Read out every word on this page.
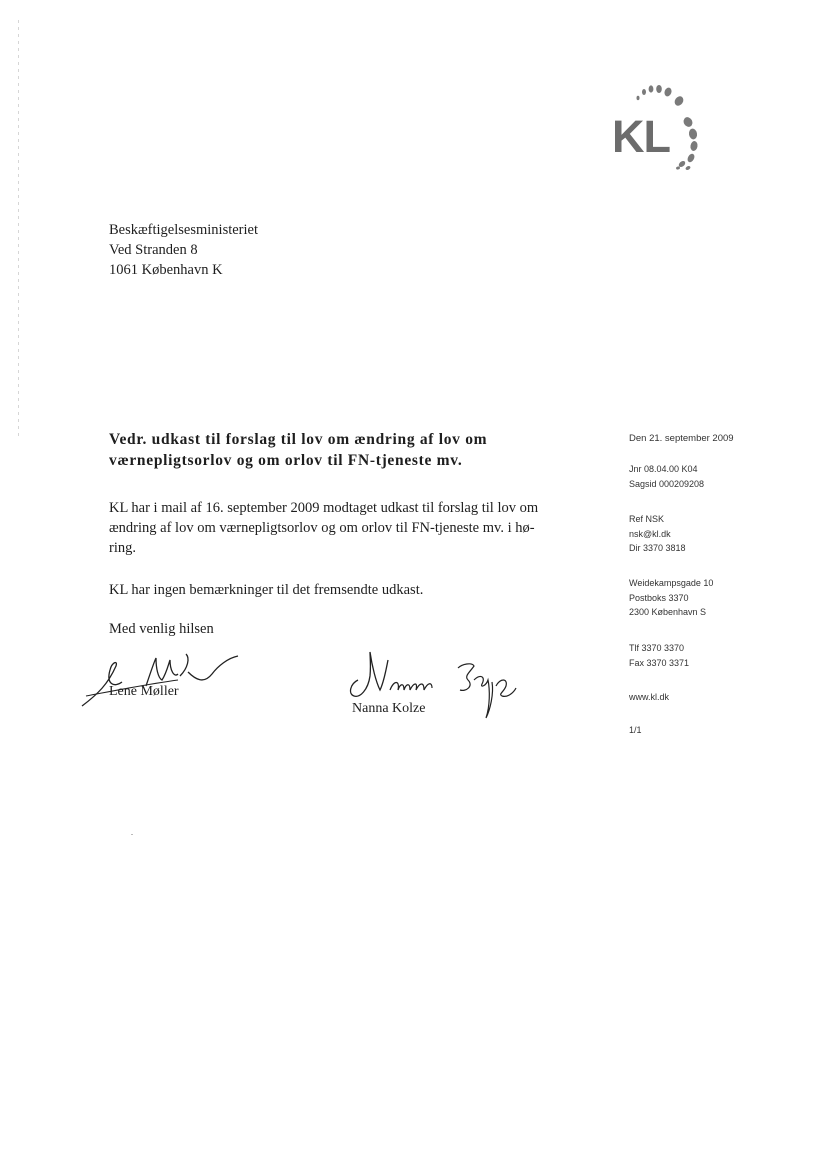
KL
Beskæftigelsesministeriet
Ved Stranden 8
1061 København K
Vedr. udkast til forslag til lov om ændring af lov om
værnepligtsorlov og om orlov til FN-tjeneste mv.
KL har i mail af 16. september 2009 modtaget udkast til forslag til lov om
ændring af lov om værnepligtsorlov og om orlov til FN-tjeneste mv. i hø-
ring.
KL har ingen bemærkninger til det fremsendte udkast.
Med venlig hilsen
Lene Møller
Nanna Kolze
Den 21. september 2009
Jnr 08.04.00 K04
Sagsid 000209208
Ref NSK
nsk@kl.dk
Dir 3370 3818
Weidekampsgade 10
Postboks 3370
2300 København S
Tlf 3370 3370
Fax 3370 3371
www.kl.dk
1/1
